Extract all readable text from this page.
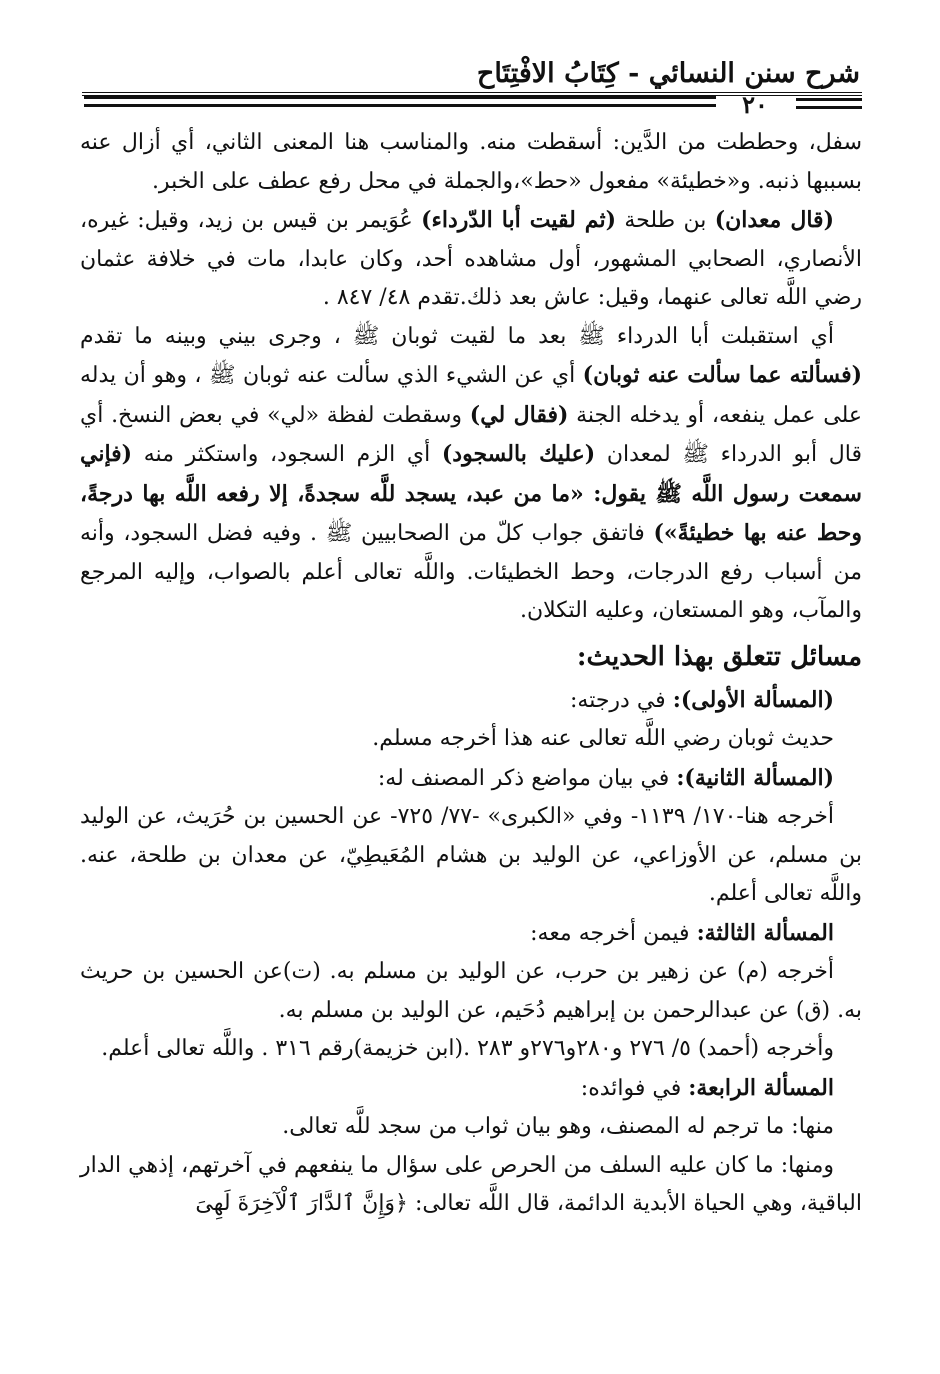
شرح سنن النسائي - كِتَابُ الافْتِتَاح
٢٠

سفل، وحططت من الدَّين: أسقطت منه. والمناسب هنا المعنى الثاني، أي أزال عنه بسببها ذنبه. و«خطيئة» مفعول «حط»،والجملة في محل رفع عطف على الخبر.

(قال معدان) بن طلحة (ثم لقيت أبا الدّرداء) عُوَيمر بن قيس بن زيد، وقيل: غيره، الأنصاري، الصحابي المشهور، أول مشاهده أحد، وكان عابدا، مات في خلافة عثمان رضي اللَّه تعالى عنهما، وقيل: عاش بعد ذلك.تقدم ٤٨/ ٨٤٧ .

أي استقبلت أبا الدرداء ﷺ بعد ما لقيت ثوبان ﷺ ، وجرى بيني وبينه ما تقدم (فسألته عما سألت عنه ثوبان) أي عن الشيء الذي سألت عنه ثوبان ﷺ ، وهو أن يدله على عمل ينفعه، أو يدخله الجنة (فقال لي) وسقطت لفظة «لي» في بعض النسخ. أي قال أبو الدرداء ﷺ لمعدان (عليك بالسجود) أي الزم السجود، واستكثر منه (فإني سمعت رسول اللَّه ﷺ يقول: «ما من عبد، يسجد للَّه سجدةً، إلا رفعه اللَّه بها درجةً، وحط عنه بها خطيئةً») فاتفق جواب كلّ من الصحابيين ﷺ . وفيه فضل السجود، وأنه من أسباب رفع الدرجات، وحط الخطيئات. واللَّه تعالى أعلم بالصواب، وإليه المرجع والمآب، وهو المستعان، وعليه التكلان.

مسائل تتعلق بهذا الحديث:

(المسألة الأولى): في درجته:

حديث ثوبان رضي اللَّه تعالى عنه هذا أخرجه مسلم.

(المسألة الثانية): في بيان مواضع ذكر المصنف له:

أخرجه هنا-١٧٠/ ١١٣٩- وفي «الكبرى» -٧٧/ ٧٢٥- عن الحسين بن حُرَيث، عن الوليد بن مسلم، عن الأوزاعي، عن الوليد بن هشام المُعَيطِيّ، عن معدان بن طلحة، عنه. واللَّه تعالى أعلم.

المسألة الثالثة: فيمن أخرجه معه:

أخرجه (م) عن زهير بن حرب، عن الوليد بن مسلم به. (ت)عن الحسين بن حريث به. (ق) عن عبدالرحمن بن إبراهيم دُحَيم، عن الوليد بن مسلم به.

وأخرجه (أحمد) ٥/ ٢٧٦ و٢٨٠و٢٧٦و ٢٨٣ .(ابن خزيمة)رقم ٣١٦ . واللَّه تعالى أعلم.

المسألة الرابعة: في فوائده:

منها: ما ترجم له المصنف، وهو بيان ثواب من سجد للَّه تعالى.

ومنها: ما كان عليه السلف من الحرص على سؤال ما ينفعهم في آخرتهم، إذهي الدار الباقية، وهي الحياة الأبدية الدائمة، قال اللَّه تعالى: ﴿وَإِنَّ ٱلدَّارَ ٱلْآخِرَةَ لَهِىَ
